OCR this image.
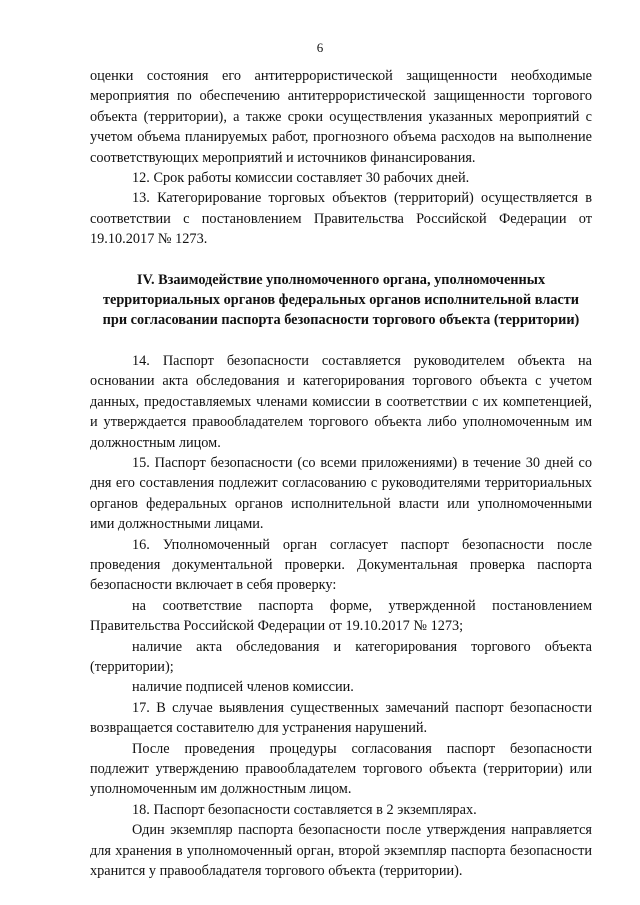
6

оценки состояния его антитеррористической защищенности необходимые мероприятия по обеспечению антитеррористической защищенности торгового объекта (территории), а также сроки осуществления указанных мероприятий с учетом объема планируемых работ, прогнозного объема расходов на выполнение соответствующих мероприятий и источников финансирования.

12. Срок работы комиссии составляет 30 рабочих дней.

13. Категорирование торговых объектов (территорий) осуществляется в соответствии с постановлением Правительства Российской Федерации от 19.10.2017 № 1273.

IV. Взаимодействие уполномоченного органа, уполномоченных территориальных органов федеральных органов исполнительной власти при согласовании паспорта безопасности торгового объекта (территории)

14. Паспорт безопасности составляется руководителем объекта на основании акта обследования и категорирования торгового объекта с учетом данных, предоставляемых членами комиссии в соответствии с их компетенцией, и утверждается правообладателем торгового объекта либо уполномоченным им должностным лицом.

15. Паспорт безопасности (со всеми приложениями) в течение 30 дней со дня его составления подлежит согласованию с руководителями территориальных органов федеральных органов исполнительной власти или уполномоченными ими должностными лицами.

16. Уполномоченный орган согласует паспорт безопасности после проведения документальной проверки. Документальная проверка паспорта безопасности включает в себя проверку:

на соответствие паспорта форме, утвержденной постановлением Правительства Российской Федерации от 19.10.2017 № 1273;

наличие акта обследования и категорирования торгового объекта (территории);

наличие подписей членов комиссии.

17. В случае выявления существенных замечаний паспорт безопасности возвращается составителю для устранения нарушений.

После проведения процедуры согласования паспорт безопасности подлежит утверждению правообладателем торгового объекта (территории) или уполномоченным им должностным лицом.

18. Паспорт безопасности составляется в 2 экземплярах.

Один экземпляр паспорта безопасности после утверждения направляется для хранения в уполномоченный орган, второй экземпляр паспорта безопасности хранится у правообладателя торгового объекта (территории).
